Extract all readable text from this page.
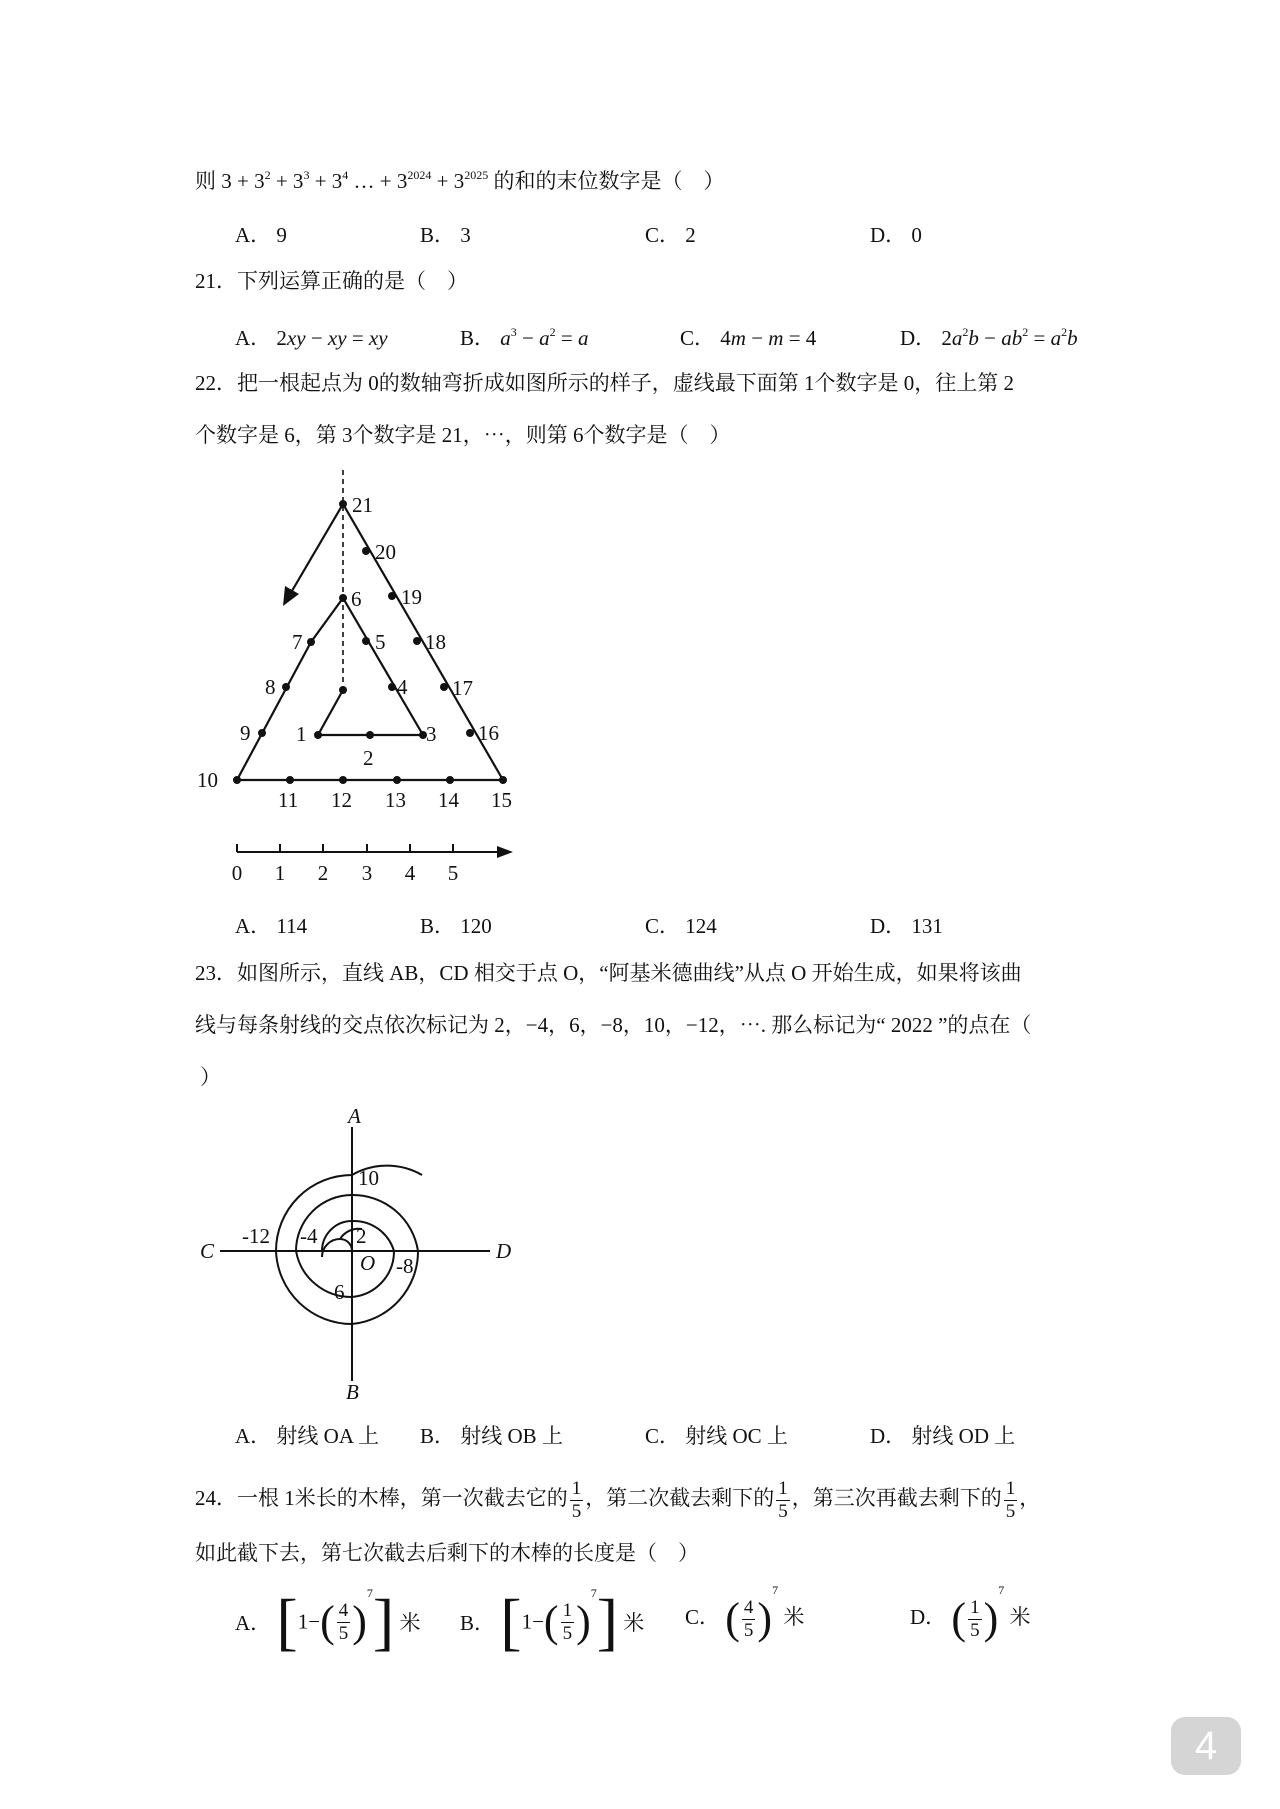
则 $3 + 3^2 + 3^3 + 3^4$ … + $3^{2024} + 3^{2025}$ 的和的末位数字是（　）
A． 9	B． 3	C． 2	D． 0
21．下列运算正确的是（　）
A． 2xy − xy = xy	B． $a^3 - a^2 = a$	C． 4m − m = 4	D． $2a^2b - ab^2 = a^2b$
22．把一根起点为 0的数轴弯折成如图所示的样子，虚线最下面第 1个数字是 0，往上第 2
个数字是 6，第 3个数字是 21，⋯，则第 6个数字是（　）
21
20
19
18
17
16
15
14
13
12
11
10
9
8
7
6
5
4
3
2
1
0 1 2 3 4 5
A． 114	B． 120	C． 124	D． 131
23．如图所示，直线 AB，CD 相交于点 O，“阿基米德曲线”从点 O 开始生成，如果将该曲
线与每条射线的交点依次标记为 2，−4，6，−8，10，−12，⋯. 那么标记为“ 2022 ”的点在（
）
A
B
C	D
O
10
2
-12 -4
-8
6
A． 射线 OA 上 B． 射线 OB 上	C． 射线 OC 上	D． 射线 OD 上
24．一根 1米长的木棒，第一次截去它的 $\frac{1}{5}$ ，第二次截去剩下的 $\frac{1}{5}$ ，第三次再截去剩下的 $\frac{1}{5}$ ，
如此截下去，第七次截去后剩下的木棒的长度是（　）
A． $[1-( \frac{4}{5} )^7]$ 米 B． $[1-( \frac{1}{5} )^7]$ 米 C． ( $\frac{4}{5} )^7$ 米	D． ( $\frac{1}{5} )^7$ 米
4
